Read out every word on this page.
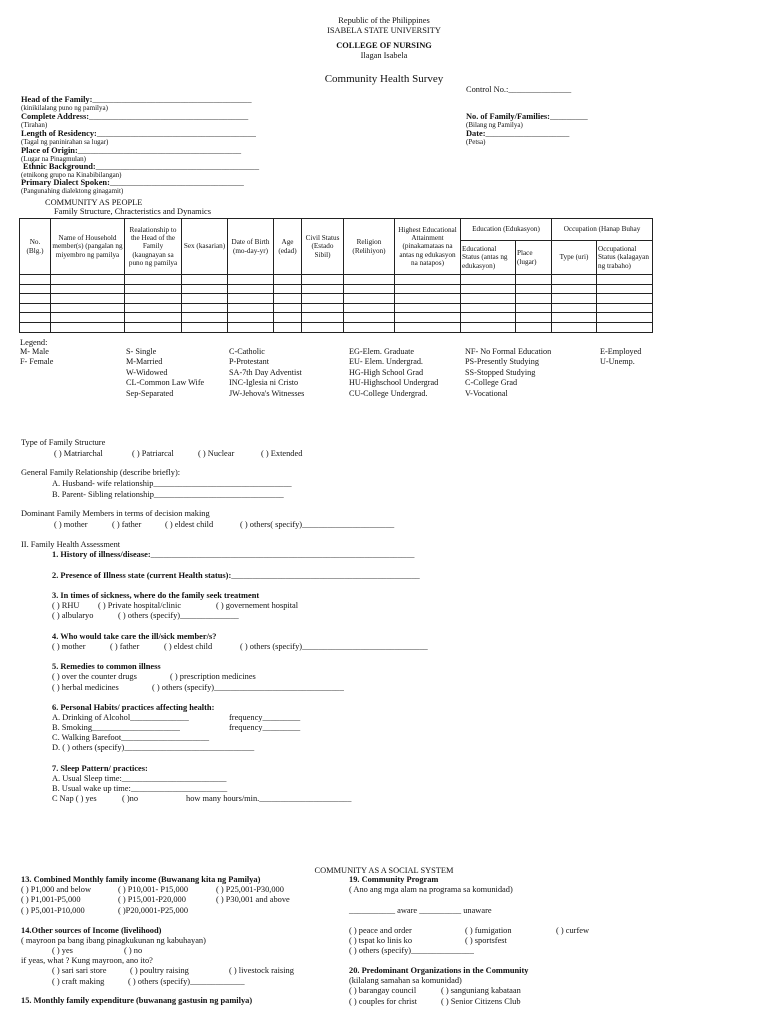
Republic of the Philippines
ISABELA STATE UNIVERSITY
COLLEGE OF NURSING
Ilagan Isabela
Community Health Survey
Control No.:_______________
Head of the Family:______________________________________
(kinikilalang puno ng pamilya)
Complete Address:______________________________________
(Tirahan)
Length of Residency:______________________________________
(Tagal ng paninirahan sa lugar)
Place of Origin:_______________________________________
(Lugar na Pinagmulan)
Ethnic Background:_______________________________________
(etnikong grupo na Kinabibilangan)
Primary Dialect Spoken:________________________________
(Pangunahing dialektong ginagamit)
No. of Family/Families:_________
(Bilang ng Pamilya)
Date:____________________
(Petsa)
COMMUNITY AS PEOPLE
Family Structure, Chracteristics and Dynamics
No. (Blg.)	Name of Household member(s) (pangalan ng miyembro ng pamilya	Realationship to the Head of the Family (kaugnayan sa puno ng pamilya	Sex (kasarian)	Date of Birth (mo-day-yr)	Age (edad)	Civil Status (Estado Sibil)	Religion (Relihiyon)	Highest Educational Attainment (pinakamataas na antas ng edukasyon na natapos)	Education (Edukasyon)		Occupation (Hanap Buhay	
									Educational Status (antas ng edukasyon)	Place (lugar)	Type (uri)	Occupational Status (kalagayan ng trabaho)

Legend:
M- Male
F- Female
S- Single
M-Married
W-Widowed
CL-Common Law Wife
Sep-Separated
C-Catholic
P-Protestant
SA-7th Day Adventist
INC-Iglesia ni Cristo
JW-Jehova's Witnesses
EG-Elem. Graduate
EU- Elem. Undergrad.
HG-High School Grad
HU-Highschool Undergrad
CU-College Undergrad.
NF- No Formal Education
PS-Presently Studying
SS-Stopped Studying
C-College Grad
V-Vocational
E-Employed
U-Unemp.
Type of Family Structure
( ) Matriarchal	( ) Patriarcal	( ) Nuclear	( ) Extended
General Family Relationship (describe briefly):
A. Husband- wife relationship_________________________________
B. Parent- Sibling relationship_______________________________
Dominant Family Members in terms of decision making
( ) mother	( ) father	( ) eldest child	( ) others( specify)______________________
II. Family Health Assessment
1. History of illness/disease:_______________________________________________________________
2. Presence of Illness state (current Health status):_____________________________________________
3. In times of sickness, where do the family seek treatment
( ) RHU ( ) Private hospital/clinic	( ) governement hospital
( ) albularyo	( ) others (specify)______________
4. Who would take care the ill/sick member/s?
( ) mother	( ) father	( ) eldest child	( ) others (specify)______________________________
5. Remedies to common illness
( ) over the counter drugs	( ) prescription medicines
( ) herbal medicines	( ) others (specify)_______________________________
6. Personal Habits/ practices affecting health:
A. Drinking of Alcohol______________	frequency_________
B. Smoking_____________________	frequency_________
C. Walking Barefoot_____________________
D. ( ) others (specify)_______________________________
7. Sleep Pattern/ practices:
A. Usual Sleep time:_________________________
B. Usual wake up time:_______________________
C Nap ( ) yes	( )no	how many hours/min.______________________
COMMUNITY AS A SOCIAL SYSTEM
13. Combined Monthly family income (Buwanang kita ng Pamilya)
( ) P1,000 and below	( ) P10,001- P15,000	( ) P25,001-P30,000
( ) P1,001-P5,000	( ) P15,001-P20,000	( ) P30,001 and above
( ) P5,001-P10,000	( )P20,0001-P25,000
14.Other sources of Income (livelihood)
( mayroon pa bang ibang pinagkukunan ng kabuhayan)
( ) yes	( ) no
if yeas, what ? Kung mayroon, ano ito?
( ) sari sari store	( ) poultry raising	( ) livestock raising
( ) craft making	( ) others (specify)_____________
15. Monthly family expenditure (buwanang gastusin ng pamilya)
19. Community Program
( Ano ang mga alam na programa sa komunidad)
___________ aware __________ unaware
( ) peace and order	( ) fumigation	( ) curfew
( ) tspat ko linis ko	( ) sportsfest
( ) others (specify)_______________
20. Predominant Organizations in the Community
(kilalang samahan sa komunidad)
( ) barangay council	( ) sanguniang kabataan
( ) couples for christ	( ) Senior Citizens Club
